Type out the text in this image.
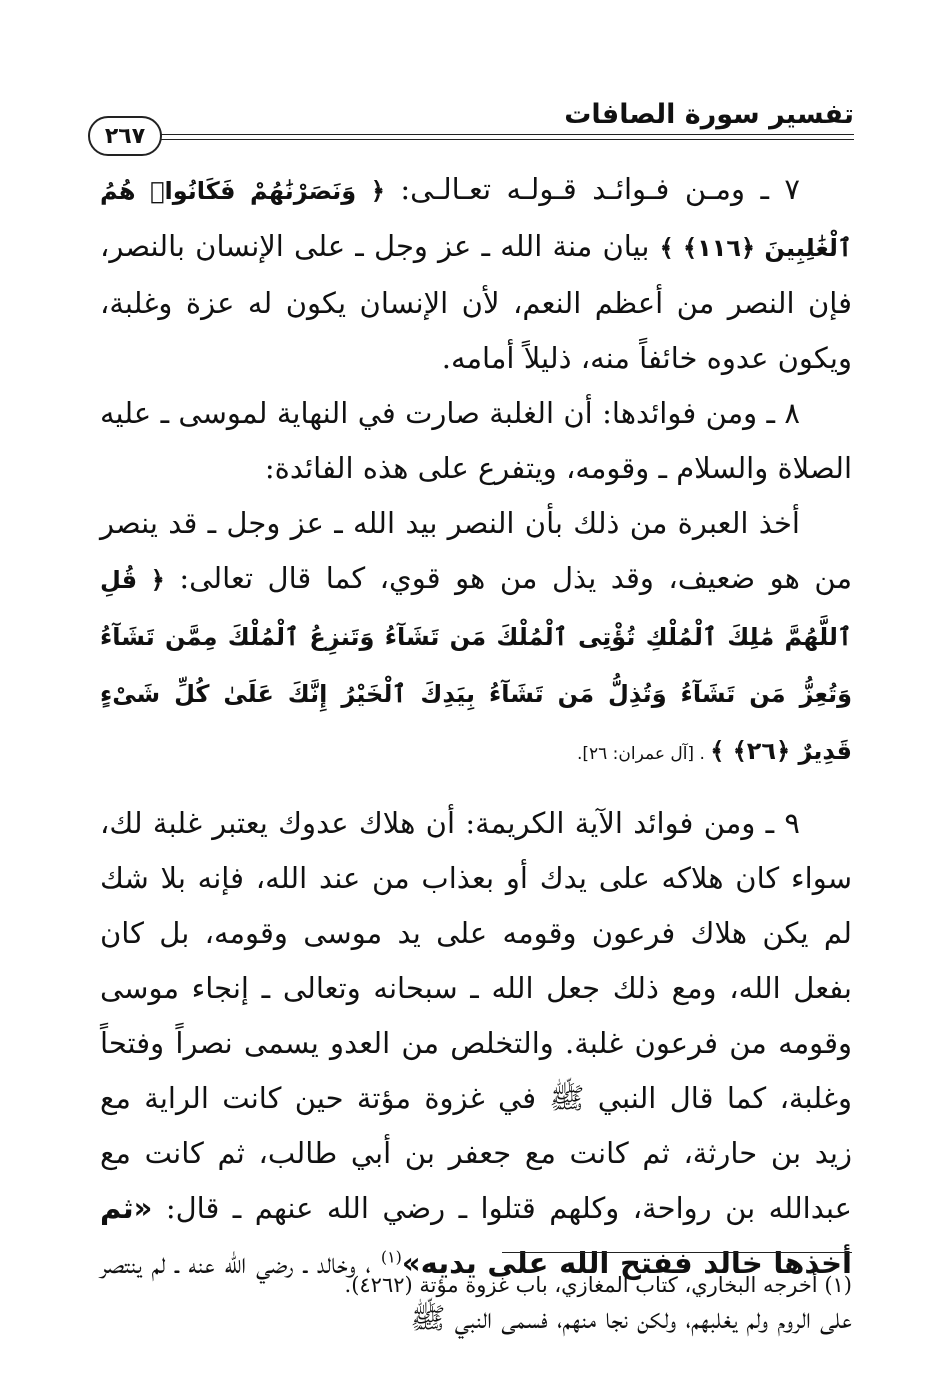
تفسير سورة الصافات
٢٦٧

٧ ـ ومـن فـوائـد قـولـه تعـالـى: ﴿ وَنَصَرْنَٰهُمْ فَكَانُوا۟ هُمُ ٱلْغَٰلِبِينَ ﴿١١٦﴾ ﴾ بيان منة الله ـ عز وجل ـ على الإنسان بالنصر، فإن النصر من أعظم النعم، لأن الإنسان يكون له عزة وغلبة، ويكون عدوه خائفاً منه، ذليلاً أمامه.

٨ ـ ومن فوائدها: أن الغلبة صارت في النهاية لموسى ـ عليه الصلاة والسلام ـ وقومه، ويتفرع على هذه الفائدة:

أخذ العبرة من ذلك بأن النصر بيد الله ـ عز وجل ـ قد ينصر من هو ضعيف، وقد يذل من هو قوي، كما قال تعالى: ﴿ قُلِ ٱللَّهُمَّ مَٰلِكَ ٱلْمُلْكِ تُؤْتِى ٱلْمُلْكَ مَن تَشَآءُ وَتَنزِعُ ٱلْمُلْكَ مِمَّن تَشَآءُ وَتُعِزُّ مَن تَشَآءُ وَتُذِلُّ مَن تَشَآءُ بِيَدِكَ ٱلْخَيْرُ إِنَّكَ عَلَىٰ كُلِّ شَىْءٍ قَدِيرٌ ﴿٢٦﴾ ﴾ . [آل عمران: ٢٦].

٩ ـ ومن فوائد الآية الكريمة: أن هلاك عدوك يعتبر غلبة لك، سواء كان هلاكه على يدك أو بعذاب من عند الله، فإنه بلا شك لم يكن هلاك فرعون وقومه على يد موسى وقومه، بل كان بفعل الله، ومع ذلك جعل الله ـ سبحانه وتعالى ـ إنجاء موسى وقومه من فرعون غلبة. والتخلص من العدو يسمى نصراً وفتحاً وغلبة، كما قال النبي ﷺ في غزوة مؤتة حين كانت الراية مع زيد بن حارثة، ثم كانت مع جعفر بن أبي طالب، ثم كانت مع عبدالله بن رواحة، وكلهم قتلوا ـ رضي الله عنهم ـ قال: «ثم أخذها خالد ففتح الله على يديه»$^{(١)}$ ، وخالد ـ رضي الله عنه ـ لم ينتصر على الروم ولم يغلبهم، ولكن نجا منهم، فسمى النبي ﷺ

(١) أخرجه البخاري، كتاب المغازي، باب غزوة مؤتة (٤٢٦٢).
